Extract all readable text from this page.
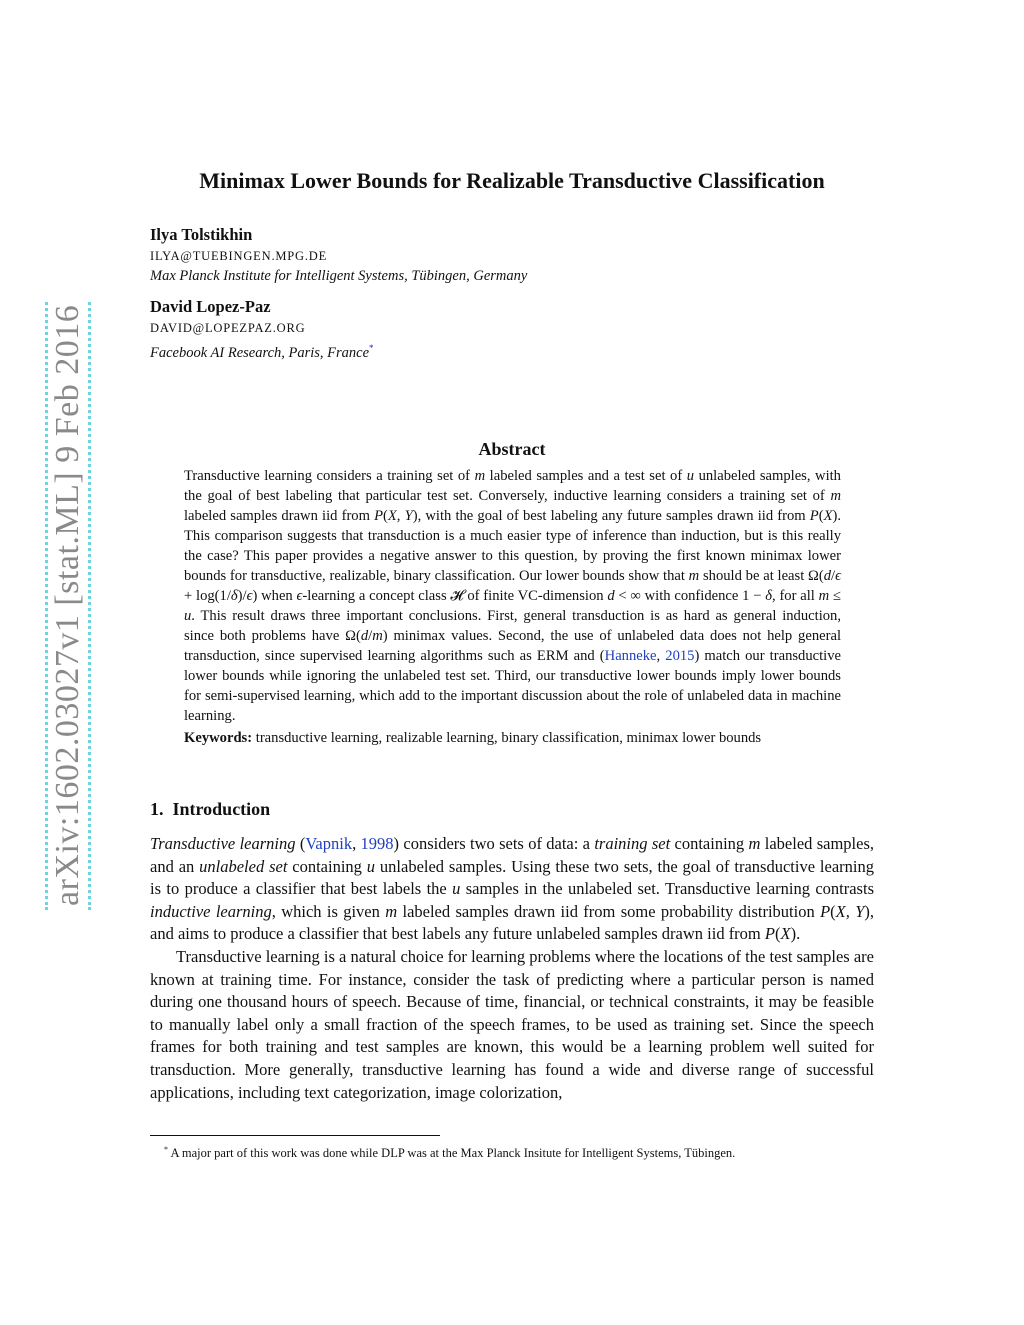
arXiv:1602.03027v1 [stat.ML] 9 Feb 2016
Minimax Lower Bounds for Realizable Transductive Classification
Ilya Tolstikhin
ILYA@TUEBINGEN.MPG.DE
Max Planck Institute for Intelligent Systems, Tübingen, Germany
David Lopez-Paz
DAVID@LOPEZPAZ.ORG
Facebook AI Research, Paris, France*
Abstract

Transductive learning considers a training set of m labeled samples and a test set of u unlabeled samples, with the goal of best labeling that particular test set. Conversely, inductive learning considers a training set of m labeled samples drawn iid from P(X, Y), with the goal of best labeling any future samples drawn iid from P(X). This comparison suggests that transduction is a much easier type of inference than induction, but is this really the case? This paper provides a negative answer to this question, by proving the first known minimax lower bounds for transductive, realizable, binary classification. Our lower bounds show that m should be at least Ω(d/ϵ + log(1/δ)/ϵ) when ϵ-learning a concept class 𝓗 of finite VC-dimension d < ∞ with confidence 1 − δ, for all m ≤ u. This result draws three important conclusions. First, general transduction is as hard as general induction, since both problems have Ω(d/m) minimax values. Second, the use of unlabeled data does not help general transduction, since supervised learning algorithms such as ERM and (Hanneke, 2015) match our transductive lower bounds while ignoring the unlabeled test set. Third, our transductive lower bounds imply lower bounds for semi-supervised learning, which add to the important discussion about the role of unlabeled data in machine learning.

Keywords: transductive learning, realizable learning, binary classification, minimax lower bounds

1. Introduction

Transductive learning (Vapnik, 1998) considers two sets of data: a training set containing m labeled samples, and an unlabeled set containing u unlabeled samples. Using these two sets, the goal of transductive learning is to produce a classifier that best labels the u samples in the unlabeled set. Transductive learning contrasts inductive learning, which is given m labeled samples drawn iid from some probability distribution P(X, Y), and aims to produce a classifier that best labels any future unlabeled samples drawn iid from P(X).

Transductive learning is a natural choice for learning problems where the locations of the test samples are known at training time. For instance, consider the task of predicting where a particular person is named during one thousand hours of speech. Because of time, financial, or technical constraints, it may be feasible to manually label only a small fraction of the speech frames, to be used as training set. Since the speech frames for both training and test samples are known, this would be a learning problem well suited for transduction. More generally, transductive learning has found a wide and diverse range of successful applications, including text categorization, image colorization,

* A major part of this work was done while DLP was at the Max Planck Insitute for Intelligent Systems, Tübingen.
